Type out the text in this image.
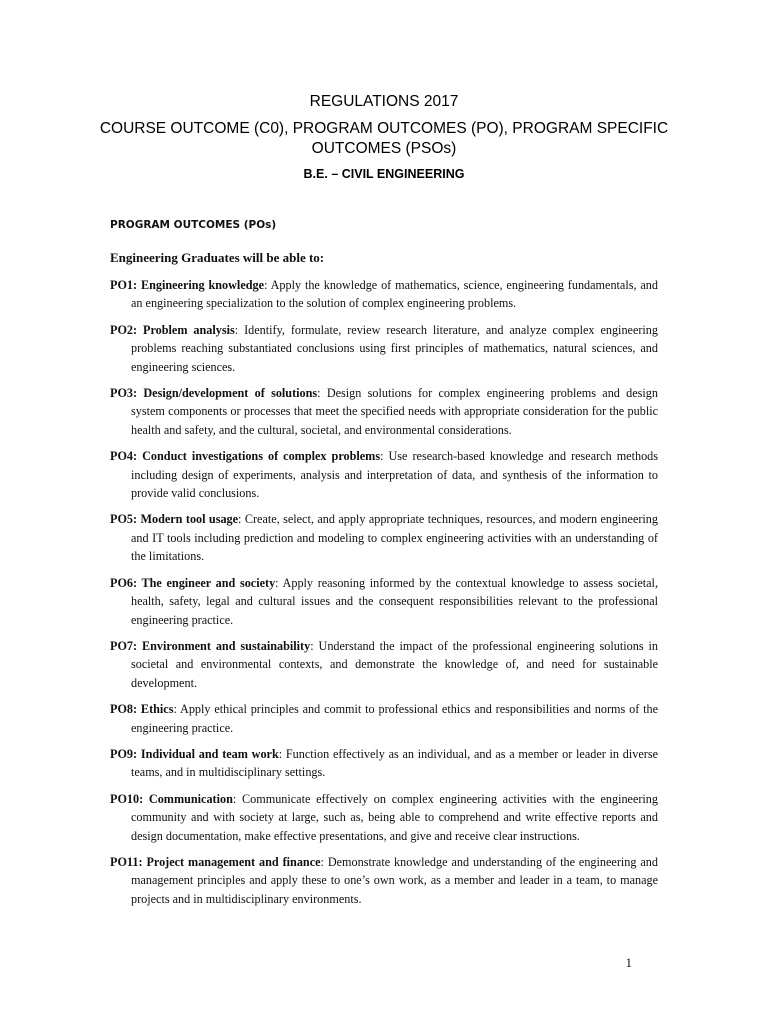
REGULATIONS 2017
COURSE OUTCOME (C0), PROGRAM OUTCOMES (PO), PROGRAM SPECIFIC OUTCOMES (PSOs)
B.E. – CIVIL ENGINEERING
PROGRAM OUTCOMES (POs)
Engineering Graduates will be able to:

PO1: Engineering knowledge: Apply the knowledge of mathematics, science, engineering fundamentals, and an engineering specialization to the solution of complex engineering problems.

PO2: Problem analysis: Identify, formulate, review research literature, and analyze complex engineering problems reaching substantiated conclusions using first principles of mathematics, natural sciences, and engineering sciences.

PO3: Design/development of solutions: Design solutions for complex engineering problems and design system components or processes that meet the specified needs with appropriate consideration for the public health and safety, and the cultural, societal, and environmental considerations.

PO4: Conduct investigations of complex problems: Use research-based knowledge and research methods including design of experiments, analysis and interpretation of data, and synthesis of the information to provide valid conclusions.

PO5: Modern tool usage: Create, select, and apply appropriate techniques, resources, and modern engineering and IT tools including prediction and modeling to complex engineering activities with an understanding of the limitations.

PO6: The engineer and society: Apply reasoning informed by the contextual knowledge to assess societal, health, safety, legal and cultural issues and the consequent responsibilities relevant to the professional engineering practice.

PO7: Environment and sustainability: Understand the impact of the professional engineering solutions in societal and environmental contexts, and demonstrate the knowledge of, and need for sustainable development.

PO8: Ethics: Apply ethical principles and commit to professional ethics and responsibilities and norms of the engineering practice.

PO9: Individual and team work: Function effectively as an individual, and as a member or leader in diverse teams, and in multidisciplinary settings.

PO10: Communication: Communicate effectively on complex engineering activities with the engineering community and with society at large, such as, being able to comprehend and write effective reports and design documentation, make effective presentations, and give and receive clear instructions.

PO11: Project management and finance: Demonstrate knowledge and understanding of the engineering and management principles and apply these to one’s own work, as a member and leader in a team, to manage projects and in multidisciplinary environments.

1
